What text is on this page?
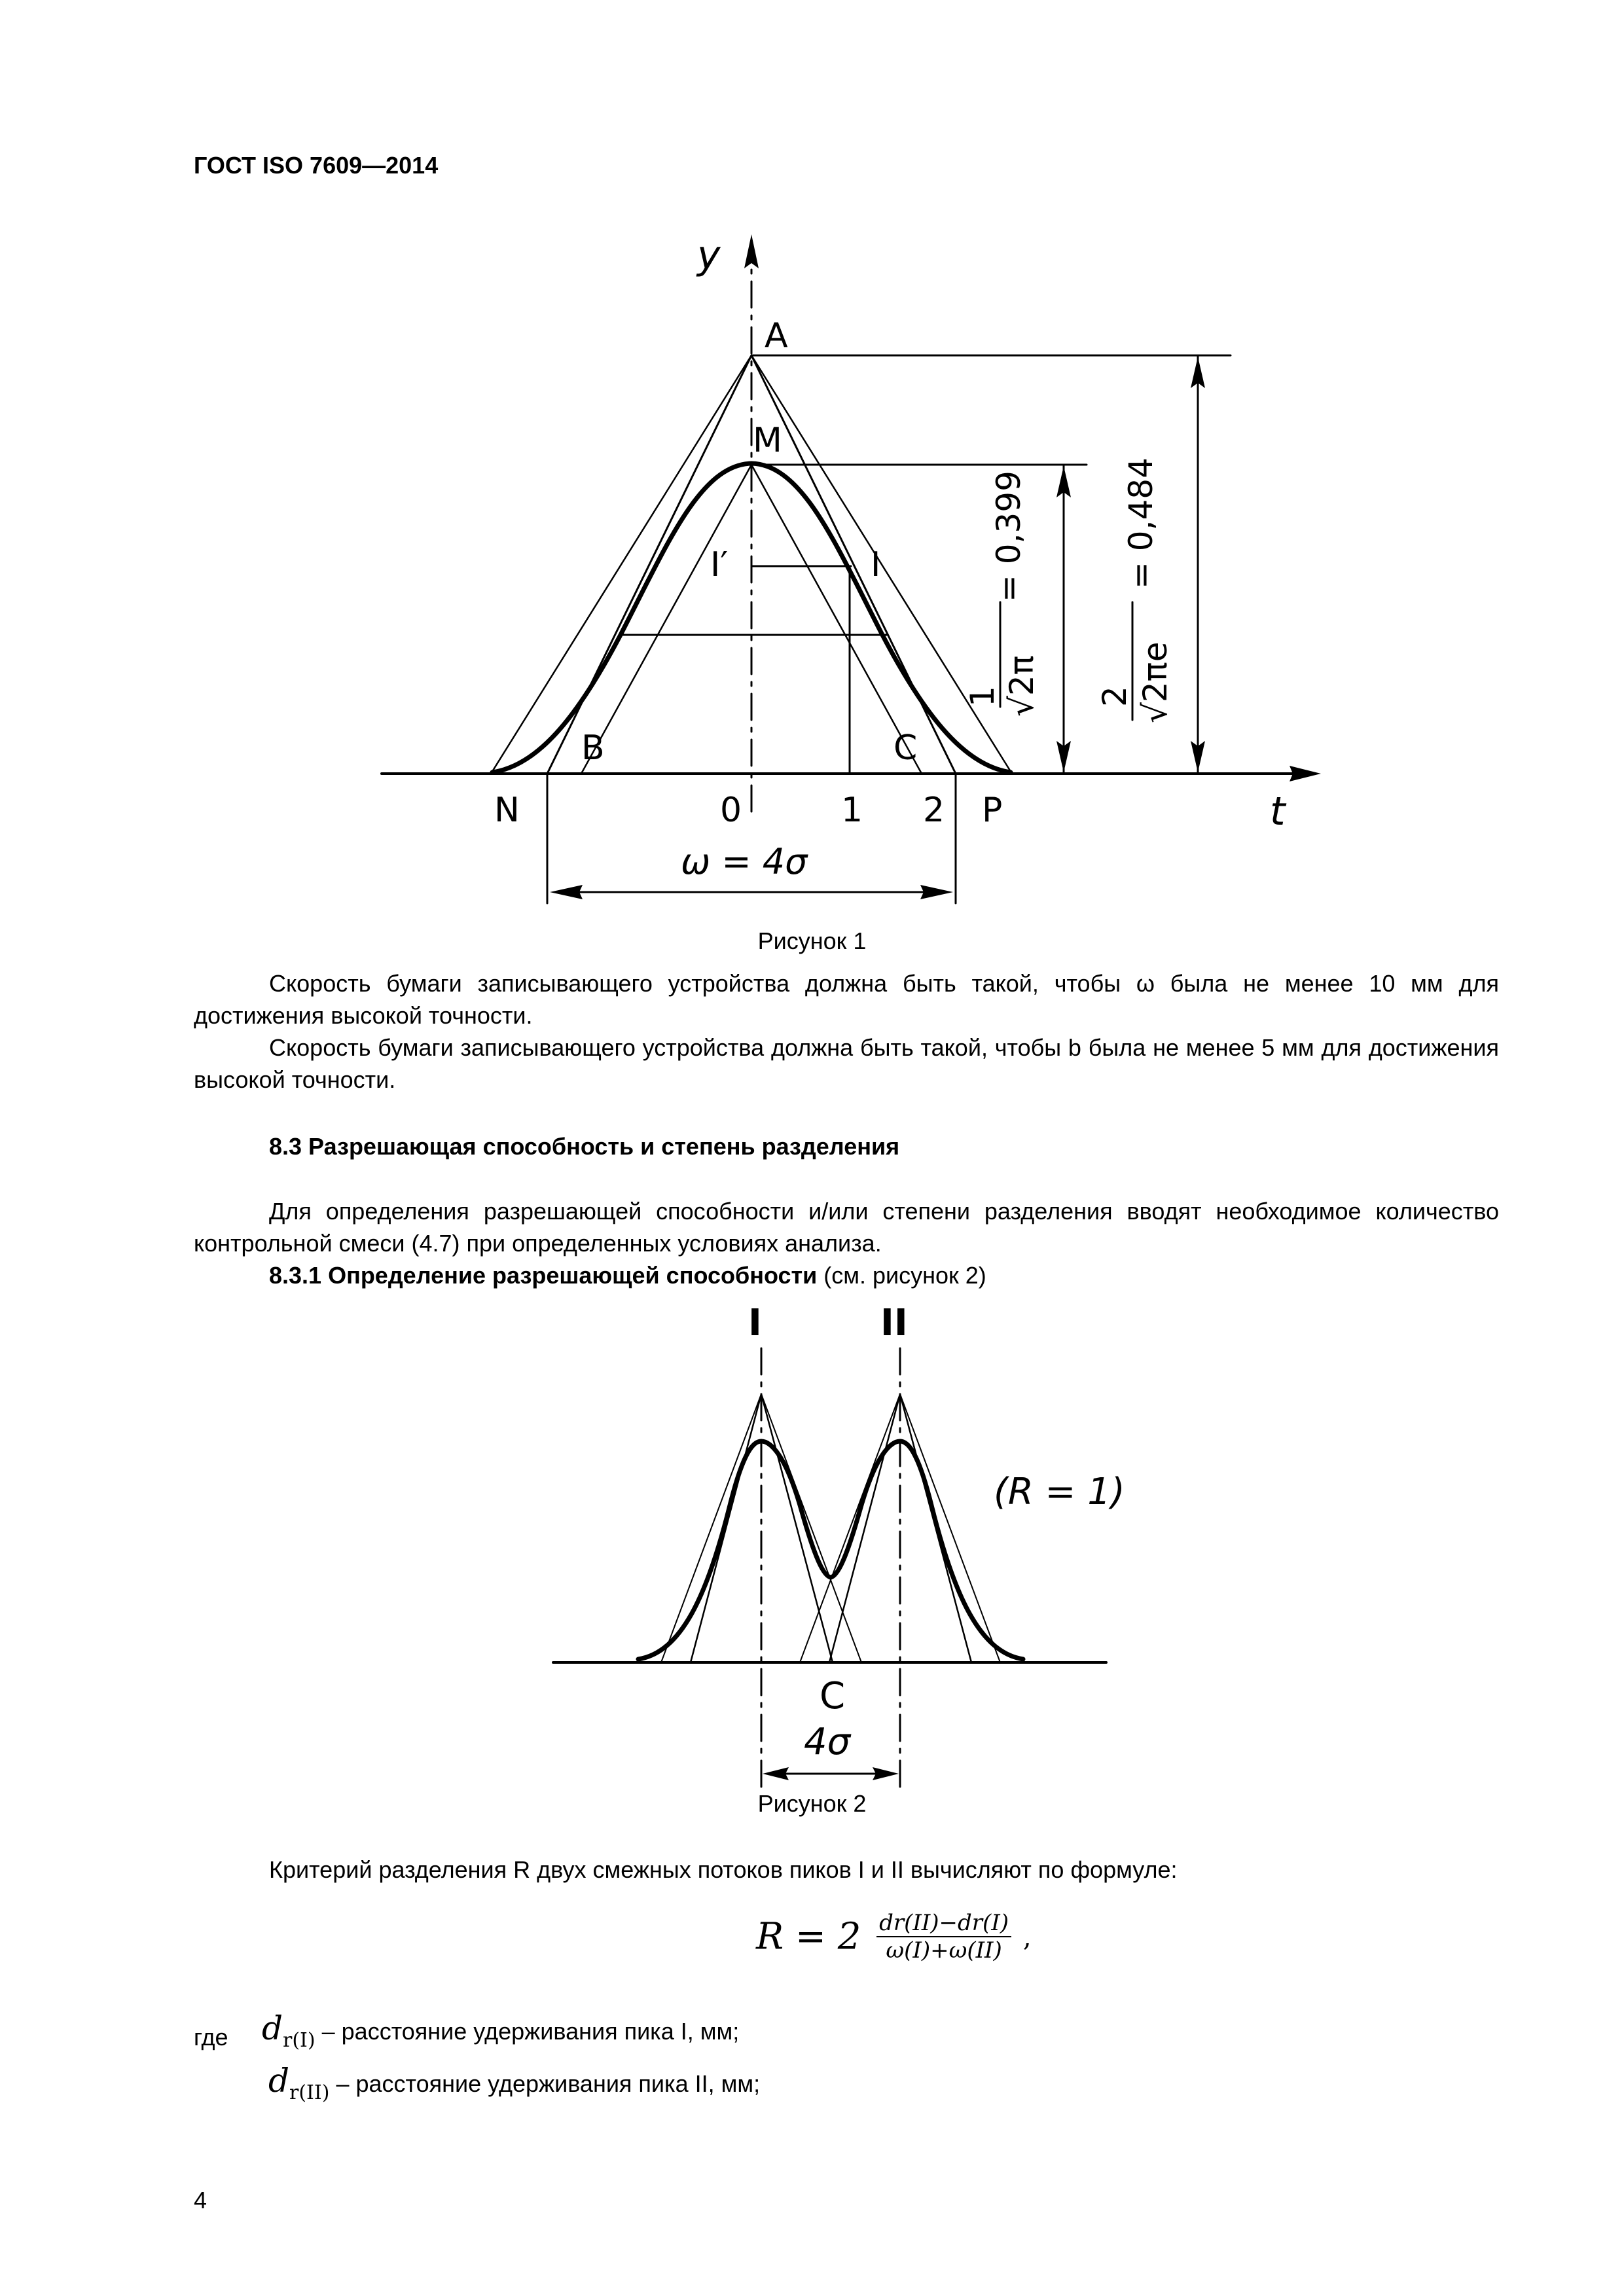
ГОСТ ISO 7609—2014
y
t
A
M
I′	I
B	C
N	P
0	1 2
ω = 4σ
1 √2π
= 0,399
2 √2πe
= 0,484
Рисунок 1
Скорость бумаги записывающего устройства должна быть такой, чтобы ω была не менее 10 мм для достижения высокой точности.
Скорость бумаги записывающего устройства должна быть такой, чтобы b была не менее 5 мм для достижения высокой точности.
8.3 Разрешающая способность и степень разделения
Для определения разрешающей способности и/или степени разделения вводят необходимое количество контрольной смеси (4.7) при определенных условиях анализа.
8.3.1 Определение разрешающей способности (см. рисунок 2)
I	II
(R = 1)
C
4σ
Рисунок 2
Критерий разделения R двух смежных потоков пиков I и II вычисляют по формуле:
$R = 2 \frac{dr(II)-dr(I)}{\omega(I)+\omega(II)}$ ,
где $d_{r(I)}$ – расстояние удерживания пика I, мм;
$d_{r(II)}$ – расстояние удерживания пика II, мм;
4
